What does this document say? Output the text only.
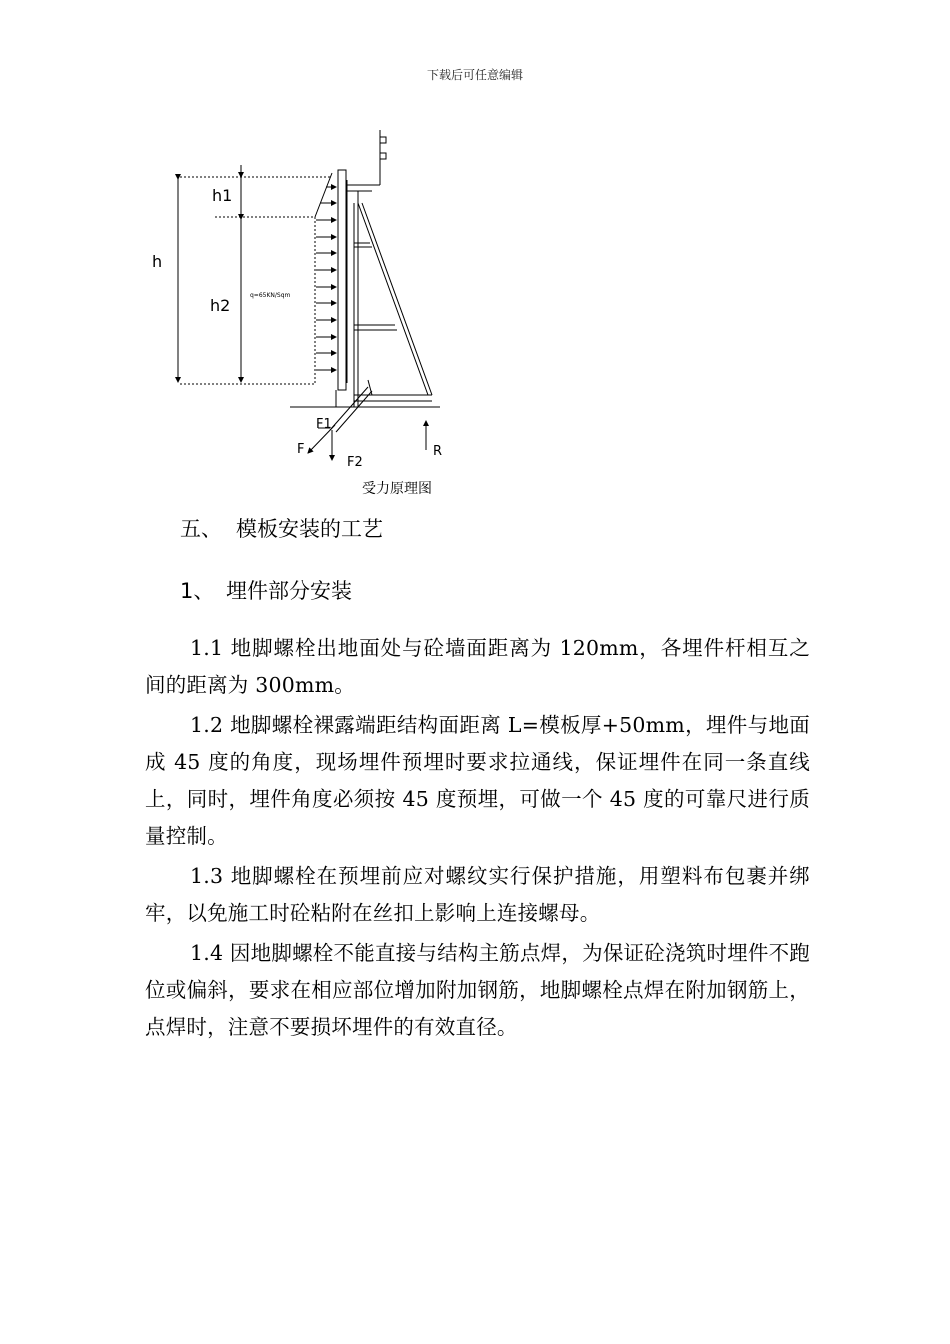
下载后可任意编辑
h
h1
h2
q=65KN/Sqm
F
F1
F2
R
受力原理图
五、 模板安装的工艺
1、 埋件部分安装

1.1 地脚螺栓出地面处与砼墙面距离为 120mm，各埋件杆相互之间的距离为 300mm。

1.2 地脚螺栓裸露端距结构面距离 L=模板厚+50mm，埋件与地面成 45 度的角度，现场埋件预埋时要求拉通线，保证埋件在同一条直线上，同时，埋件角度必须按 45 度预埋，可做一个 45 度的可靠尺进行质量控制。

1.3 地脚螺栓在预埋前应对螺纹实行保护措施，用塑料布包裹并绑牢，以免施工时砼粘附在丝扣上影响上连接螺母。

1.4 因地脚螺栓不能直接与结构主筋点焊，为保证砼浇筑时埋件不跑位或偏斜，要求在相应部位增加附加钢筋，地脚螺栓点焊在附加钢筋上，点焊时，注意不要损坏埋件的有效直径。
